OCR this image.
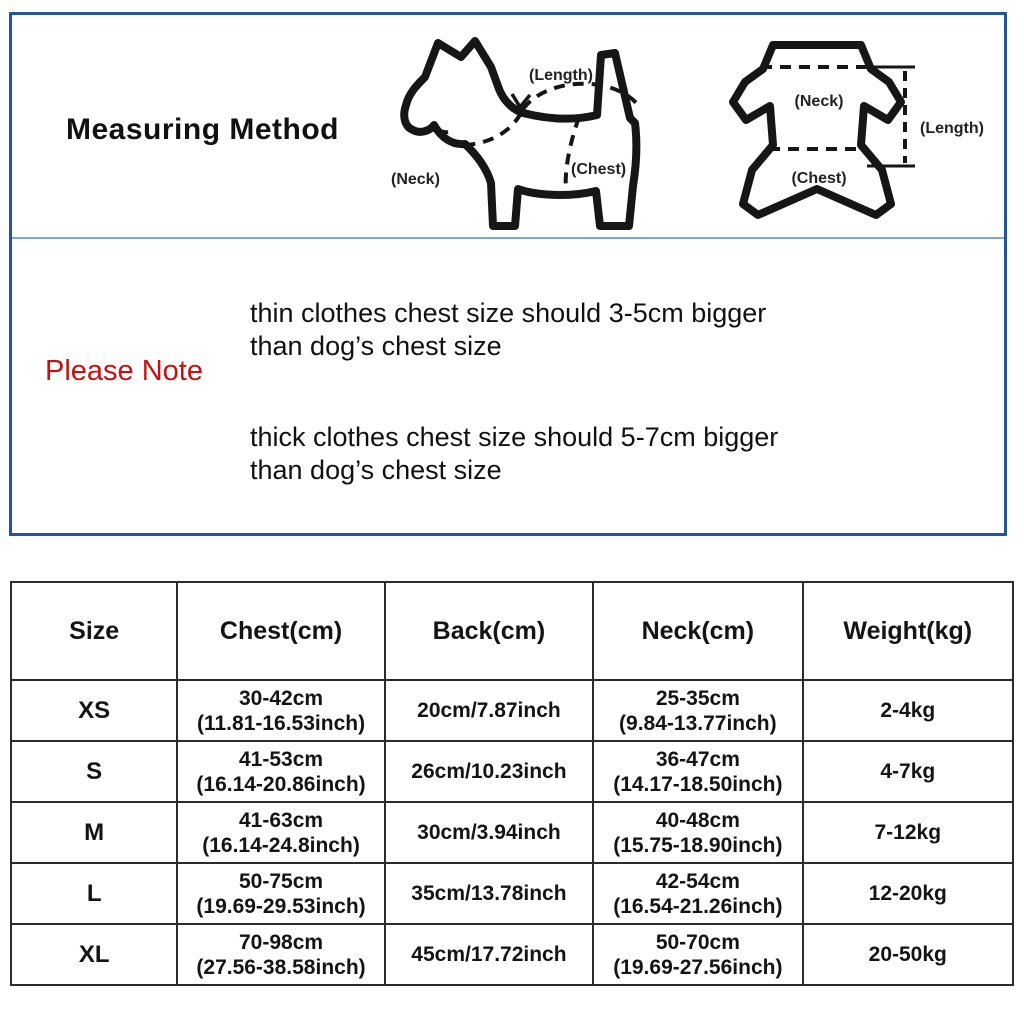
Measuring Method
(Neck)
(Length)
(Chest)
(Neck)
(Chest)
(Length)
Please Note
thin clothes chest size should 3-5cm bigger
than dog’s chest size
thick clothes chest size should 5-7cm bigger
than dog’s chest size
Size	Chest(cm)	Back(cm)	Neck(cm)	Weight(kg)
XS	30-42cm
(11.81-16.53inch)	20cm/7.87inch	25-35cm
(9.84-13.77inch)	2-4kg
S	41-53cm
(16.14-20.86inch)	26cm/10.23inch	36-47cm
(14.17-18.50inch)	4-7kg
M	41-63cm
(16.14-24.8inch)	30cm/3.94inch	40-48cm
(15.75-18.90inch)	7-12kg
L	50-75cm
(19.69-29.53inch)	35cm/13.78inch	42-54cm
(16.54-21.26inch)	12-20kg
XL	70-98cm
(27.56-38.58inch)	45cm/17.72inch	50-70cm
(19.69-27.56inch)	20-50kg
